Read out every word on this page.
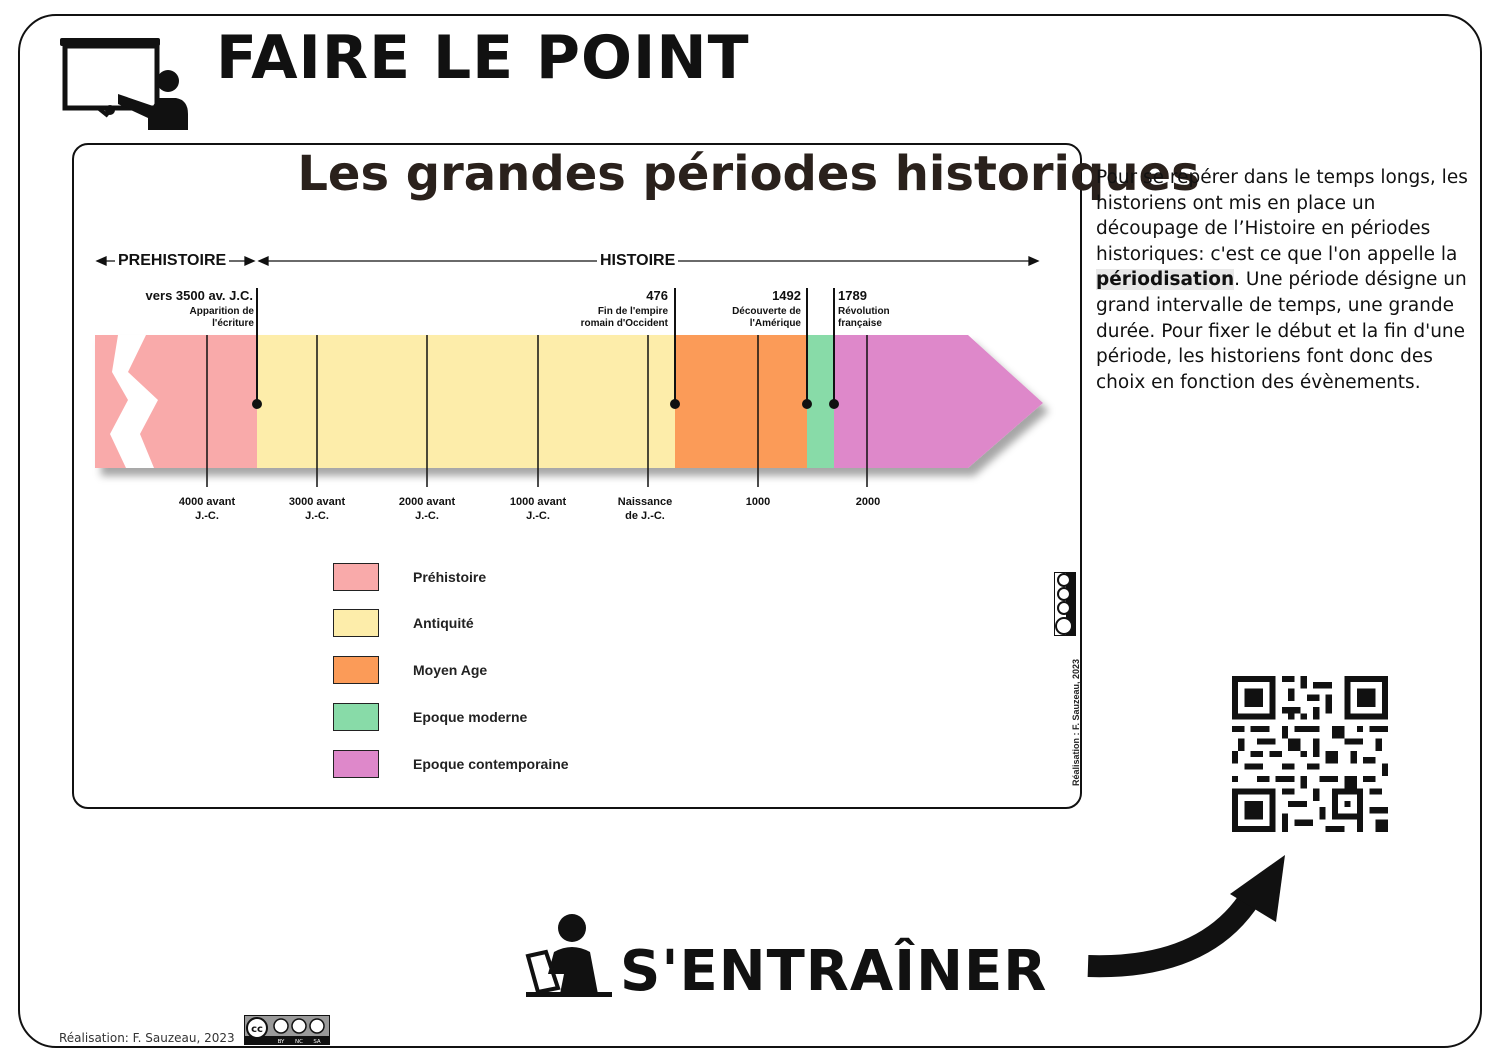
FAIRE LE POINT
Les grandes périodes historiques
PREHISTOIRE	HISTOIRE
vers 3500 av. J.C.
Apparition de l'écriture
476
Fin de l'empire romain d'Occident
1492
Découverte de l'Amérique
1789
Révolution française
4000 avant
J.-C.
3000 avant
J.-C.
2000 avant
J.-C.
1000 avant
J.-C.
Naissance
de J.-C.
1000	2000

Préhistoire
Antiquité
Moyen Age
Epoque moderne
Epoque contemporaine	Réalisation : F. Sauzeau, 2023
Pour se repérer dans le temps longs, les historiens ont mis en place un découpage de l’Histoire en périodes historiques: c'est ce que l'on appelle la périodisation. Une période désigne un grand intervalle de temps, une grande durée. Pour fixer le début et la fin d'une période, les historiens font donc des choix en fonction des évènements.
S'ENTRAÎNER
Réalisation: F. Sauzeau, 2023
cc
BY NC SA
